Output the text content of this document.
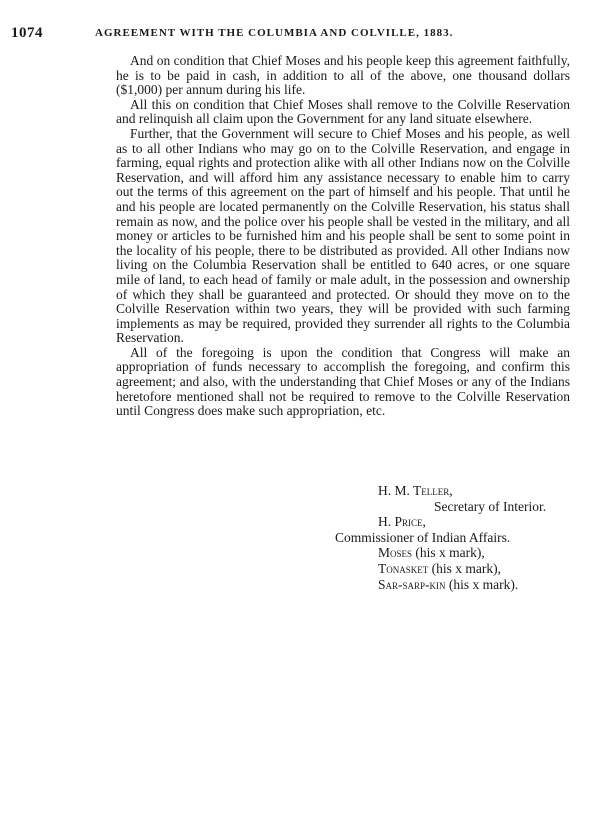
1074	AGREEMENT WITH THE COLUMBIA AND COLVILLE, 1883.

And on condition that Chief Moses and his people keep this agreement faithfully, he is to be paid in cash, in addition to all of the above, one thousand dollars ($1,000) per annum during his life.

All this on condition that Chief Moses shall remove to the Colville Reservation and relinquish all claim upon the Government for any land situate elsewhere.

Further, that the Government will secure to Chief Moses and his people, as well as to all other Indians who may go on to the Colville Reservation, and engage in farming, equal rights and protection alike with all other Indians now on the Colville Reservation, and will afford him any assistance necessary to enable him to carry out the terms of this agreement on the part of himself and his people. That until he and his people are located permanently on the Colville Reservation, his status shall remain as now, and the police over his people shall be vested in the military, and all money or articles to be furnished him and his people shall be sent to some point in the locality of his people, there to be distributed as provided. All other Indians now living on the Columbia Reservation shall be entitled to 640 acres, or one square mile of land, to each head of family or male adult, in the possession and ownership of which they shall be guaranteed and protected. Or should they move on to the Colville Reservation within two years, they will be provided with such farming implements as may be required, provided they surrender all rights to the Columbia Reservation.

All of the foregoing is upon the condition that Congress will make an appropriation of funds necessary to accomplish the foregoing, and confirm this agreement; and also, with the understanding that Chief Moses or any of the Indians heretofore mentioned shall not be required to remove to the Colville Reservation until Congress does make such appropriation, etc.

H. M. Teller,
Secretary of Interior.
H. Price,
Commissioner of Indian Affairs.
Moses (his x mark),
Tonasket (his x mark),
Sar-sarp-kin (his x mark).
